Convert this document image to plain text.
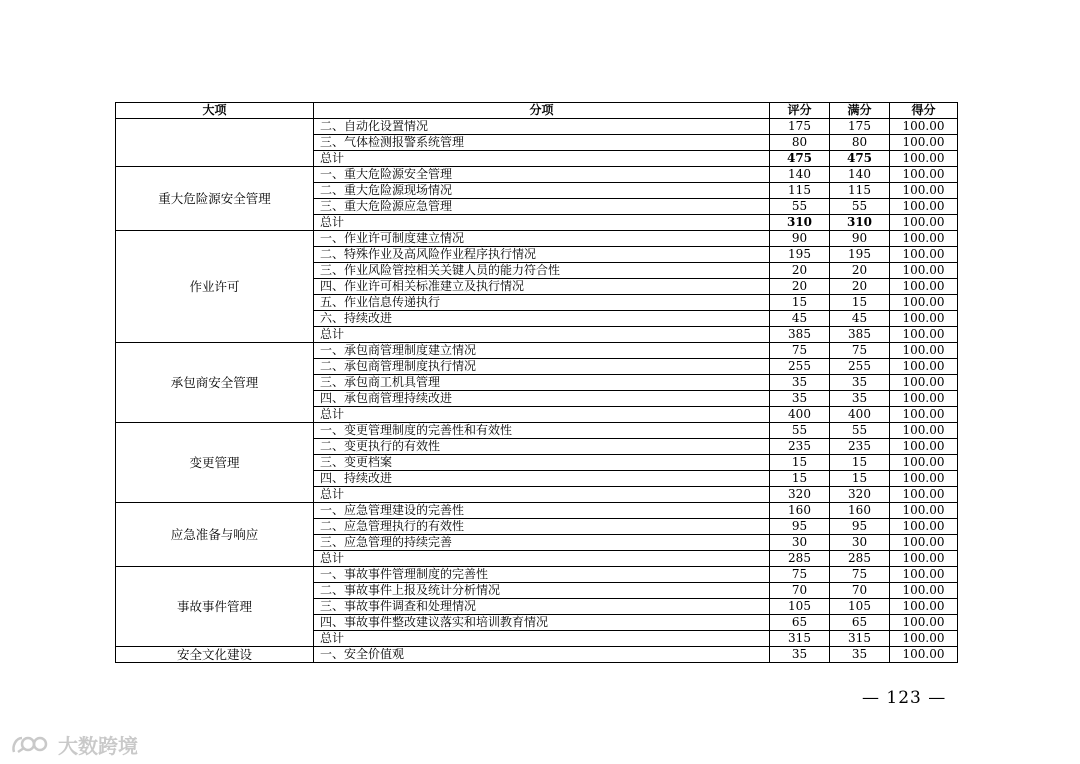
大项	分项	评分	满分	得分
	二、自动化设置情况	175	175	100.00
	三、气体检测报警系统管理	80	80	100.00
	总计	475	475	100.00
重大危险源安全管理	一、重大危险源安全管理	140	140	100.00
	二、重大危险源现场情况	115	115	100.00
	三、重大危险源应急管理	55	55	100.00
	总计	310	310	100.00
作业许可	一、作业许可制度建立情况	90	90	100.00
	二、特殊作业及高风险作业程序执行情况	195	195	100.00
	三、作业风险管控相关关键人员的能力符合性	20	20	100.00
	四、作业许可相关标准建立及执行情况	20	20	100.00
	五、作业信息传递执行	15	15	100.00
	六、持续改进	45	45	100.00
	总计	385	385	100.00
承包商安全管理	一、承包商管理制度建立情况	75	75	100.00
	二、承包商管理制度执行情况	255	255	100.00
	三、承包商工机具管理	35	35	100.00
	四、承包商管理持续改进	35	35	100.00
	总计	400	400	100.00
变更管理	一、变更管理制度的完善性和有效性	55	55	100.00
	二、变更执行的有效性	235	235	100.00
	三、变更档案	15	15	100.00
	四、持续改进	15	15	100.00
	总计	320	320	100.00
应急准备与响应	一、应急管理建设的完善性	160	160	100.00
	二、应急管理执行的有效性	95	95	100.00
	三、应急管理的持续完善	30	30	100.00
	总计	285	285	100.00
事故事件管理	一、事故事件管理制度的完善性	75	75	100.00
	二、事故事件上报及统计分析情况	70	70	100.00
	三、事故事件调查和处理情况	105	105	100.00
	四、事故事件整改建议落实和培训教育情况	65	65	100.00
	总计	315	315	100.00
安全文化建设	一、安全价值观	35	35	100.00
— 123 —
大数跨境
